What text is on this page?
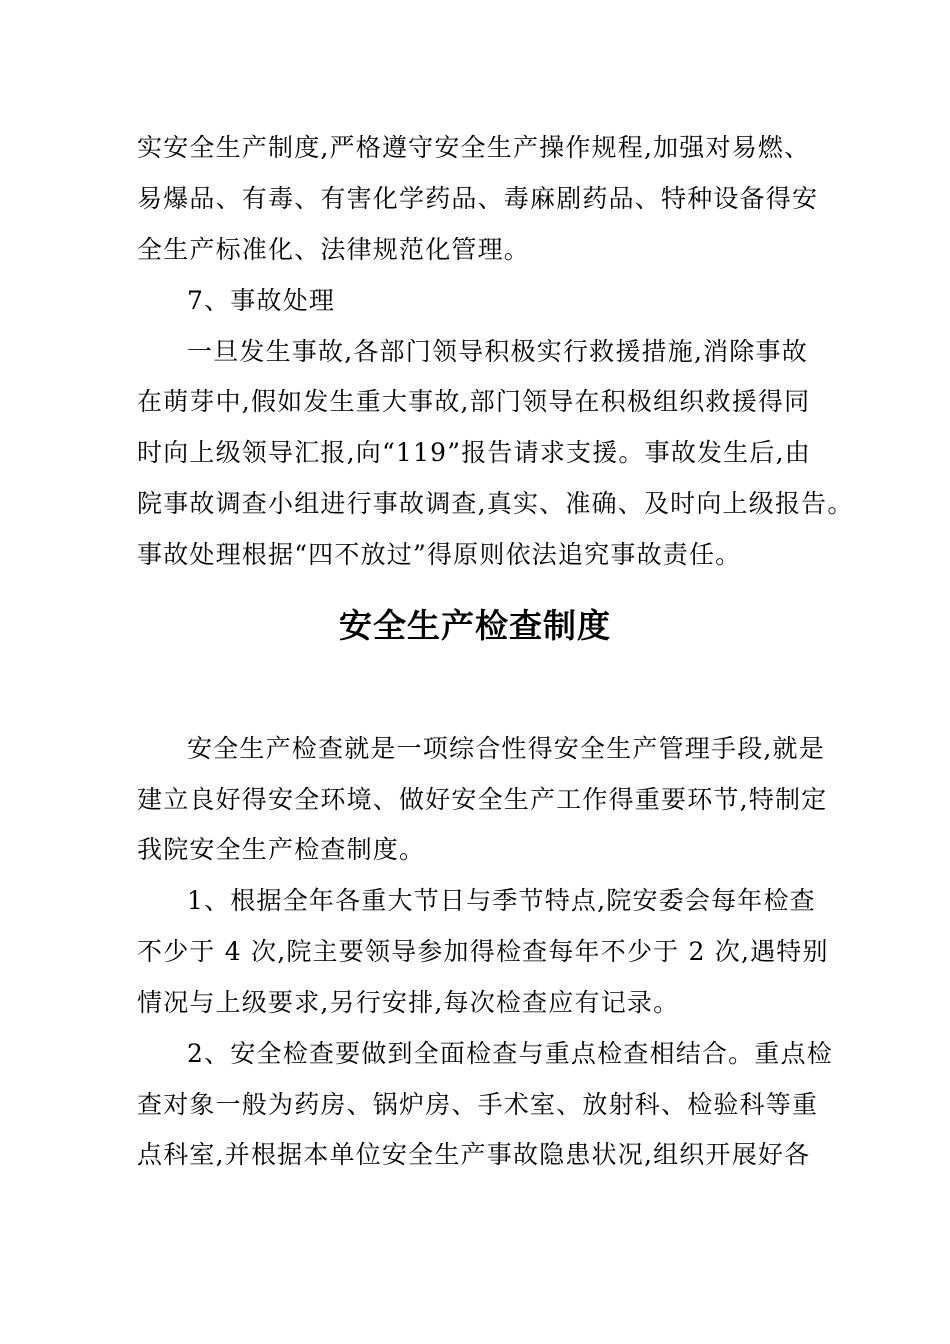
实安全生产制度,严格遵守安全生产操作规程,加强对易燃、
易爆品、有毒、有害化学药品、毒麻剧药品、特种设备得安
全生产标准化、法律规范化管理。
7、事故处理
一旦发生事故,各部门领导积极实行救援措施,消除事故
在萌芽中,假如发生重大事故,部门领导在积极组织救援得同
时向上级领导汇报,向“119”报告请求支援。事故发生后,由
院事故调查小组进行事故调查,真实、准确、及时向上级报告。
事故处理根据“四不放过”得原则依法追究事故责任。
安全生产检查制度
安全生产检查就是一项综合性得安全生产管理手段,就是
建立良好得安全环境、做好安全生产工作得重要环节,特制定
我院安全生产检查制度。
1、根据全年各重大节日与季节特点,院安委会每年检查
不少于 4 次,院主要领导参加得检查每年不少于 2 次,遇特别
情况与上级要求,另行安排,每次检查应有记录。
2、安全检查要做到全面检查与重点检查相结合。重点检
查对象一般为药房、锅炉房、手术室、放射科、检验科等重
点科室,并根据本单位安全生产事故隐患状况,组织开展好各
